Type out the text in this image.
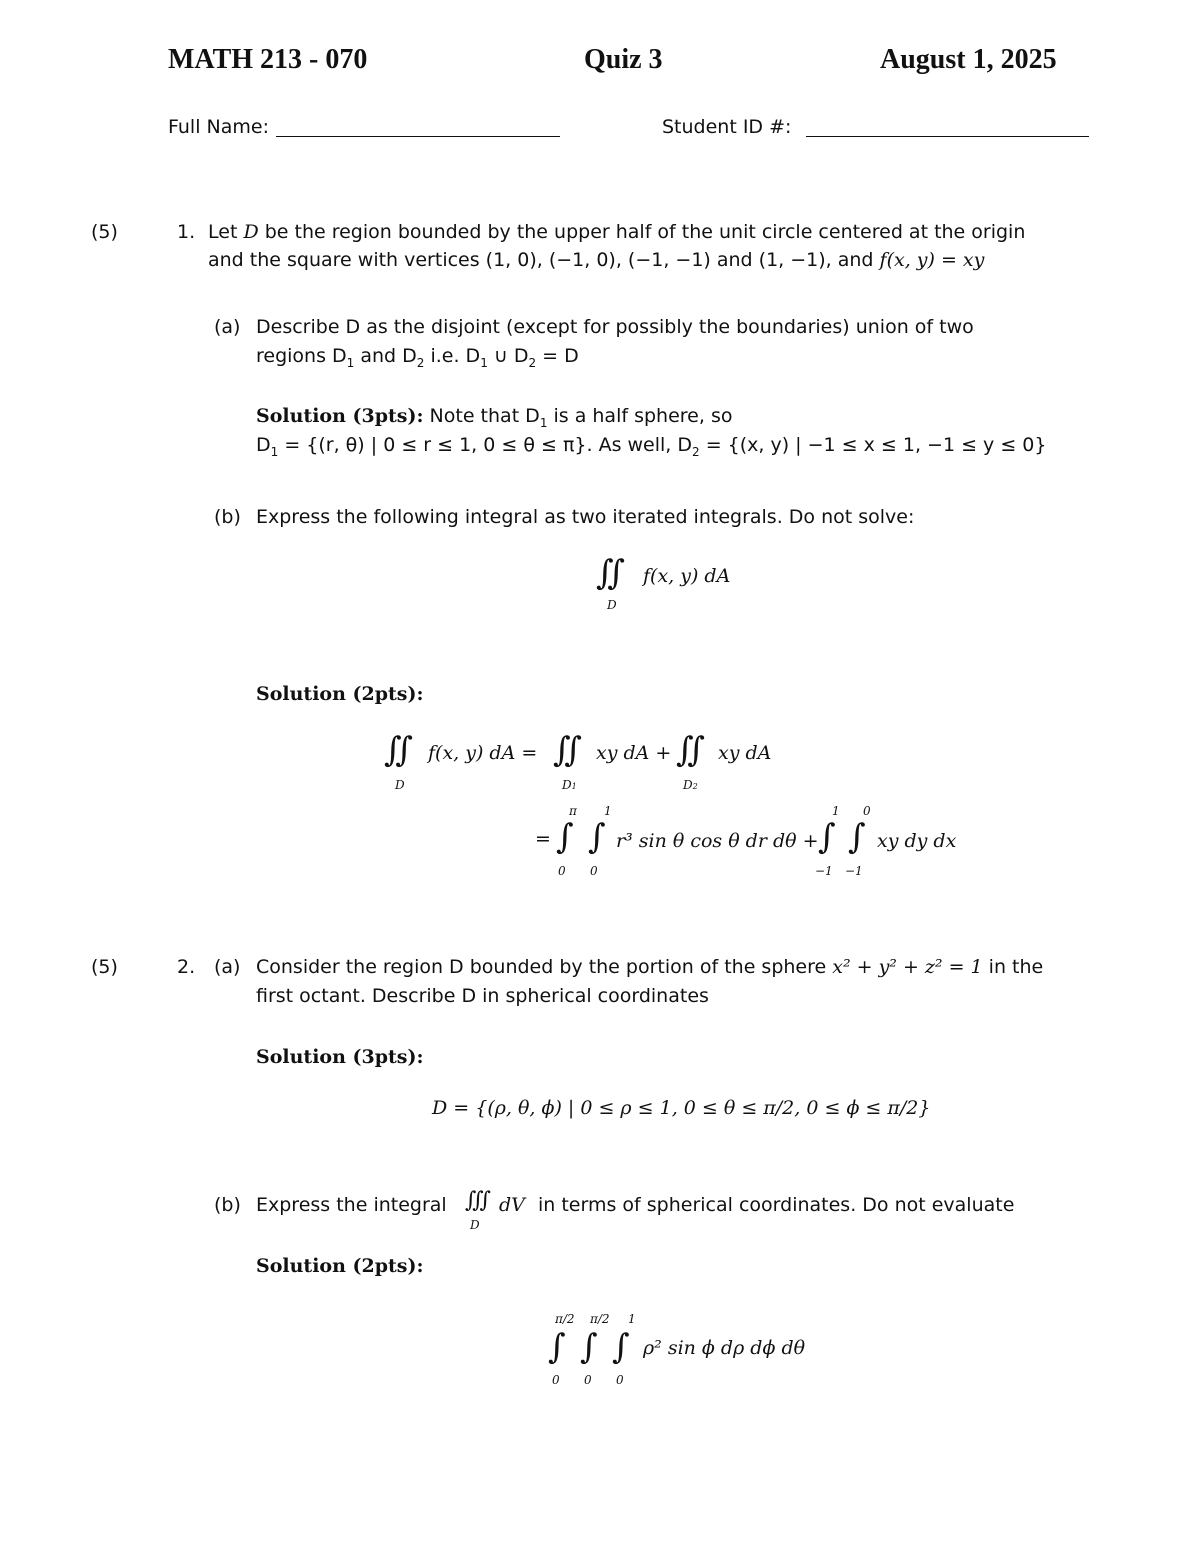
MATH 213 - 070	Quiz 3	August 1, 2025
Full Name:	Student ID #:
(5)	1. Let D be the region bounded by the upper half of the unit circle centered at the origin
and the square with vertices (1, 0), (−1, 0), (−1, −1) and (1, −1), and f(x, y) = xy
(a) Describe D as the disjoint (except for possibly the boundaries) union of two
regions $D_1$ and $D_2$ i.e. $D_1$ ∪ $D_2 = D$
Solution (3pts): Note that $D_1$ is a half sphere, so
$D_1 = \{(r$, θ) | 0 ≤ r ≤ 1, 0 ≤ θ ≤ π}. As well, $D_2 = \{(x$, y) | −1 ≤ x ≤ 1, −1 ≤ y ≤ 0}
(b) Express the following integral as two iterated integrals. Do not solve:
∬
D
f(x, y) dA
Solution (2pts):
∬
D
f(x, y) dA = ∬
D1
xy dA + ∬
D2
xy dA
=
π
∫
0
1
∫
0
r³ sin θ cos θ dr dθ +
1
∫
−1
0
∫
−1
xy dy dx
(5)	2. (a) Consider the region D bounded by the portion of the sphere x² + y² + z² = 1 in the
first octant. Describe D in spherical coordinates
Solution (3pts):
D = {(ρ, θ, ϕ) | 0 ≤ ρ ≤ 1, 0 ≤ θ ≤ π/2, 0 ≤ ϕ ≤ π/2}
(b) Express the integral ∭
D
dV in terms of spherical coordinates. Do not evaluate
Solution (2pts):
π/2
∫
0
π/2
∫
0
1
∫
0
ρ² sin ϕ dρ dϕ dθ
